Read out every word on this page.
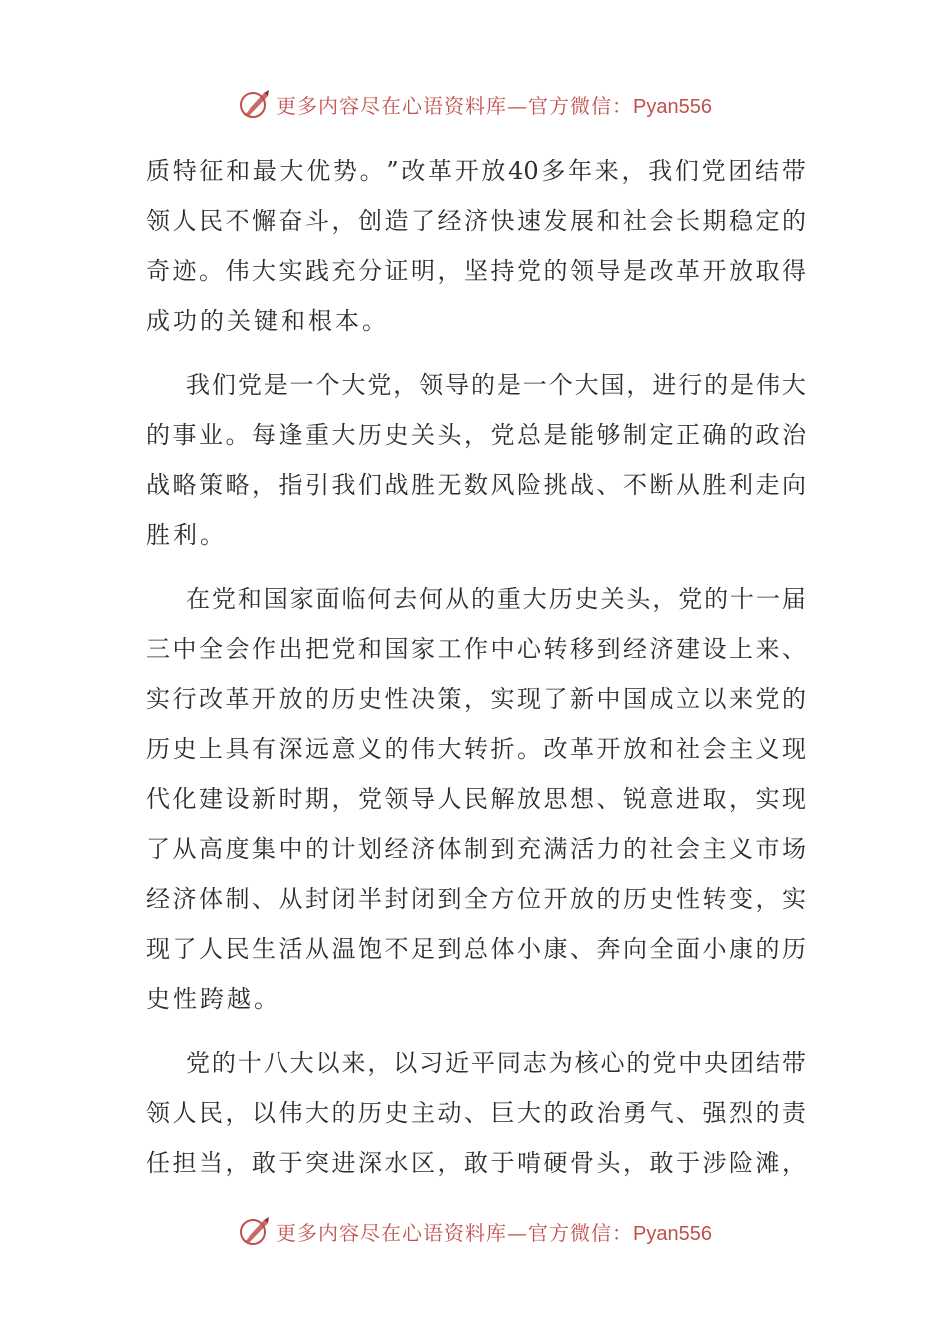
更多内容尽在心语资料库—官方微信：Pyan556
质 特 征 和 最 大 优 势 。 ” 改 革 开 放 40 多 年 来 ， 我 们 党 团 结 带
领 人 民 不 懈 奋 斗 ， 创 造 了 经 济 快 速 发 展 和 社 会 长 期 稳 定 的
奇 迹 。 伟 大 实 践 充 分 证 明 ， 坚 持 党 的 领 导 是 改 革 开 放 取 得
成功的关键和根本。
我 们 党 是 一 个 大 党 ， 领 导 的 是 一 个 大 国 ， 进 行 的 是 伟 大
的 事 业 。 每 逢 重 大 历 史 关 头 ， 党 总 是 能 够 制 定 正 确 的 政 治
战 略 策 略 ， 指 引 我 们 战 胜 无 数 风 险 挑 战 、 不 断 从 胜 利 走 向
胜利。
在 党 和 国 家 面 临 何 去 何 从 的 重 大 历 史 关 头 ， 党 的 十 一 届
三 中 全 会 作 出 把 党 和 国 家 工 作 中 心 转 移 到 经 济 建 设 上 来 、
实 行 改 革 开 放 的 历 史 性 决 策 ， 实 现 了 新 中 国 成 立 以 来 党 的
历 史 上 具 有 深 远 意 义 的 伟 大 转 折 。 改 革 开 放 和 社 会 主 义 现
代 化 建 设 新 时 期 ， 党 领 导 人 民 解 放 思 想 、 锐 意 进 取 ， 实 现
了 从 高 度 集 中 的 计 划 经 济 体 制 到 充 满 活 力 的 社 会 主 义 市 场
经 济 体 制 、 从 封 闭 半 封 闭 到 全 方 位 开 放 的 历 史 性 转 变 ， 实
现 了 人 民 生 活 从 温 饱 不 足 到 总 体 小 康 、 奔 向 全 面 小 康 的 历
史性跨越。
党 的 十 八 大 以 来 ， 以 习 近 平 同 志 为 核 心 的 党 中 央 团 结 带
领 人 民 ， 以 伟 大 的 历 史 主 动 、 巨 大 的 政 治 勇 气 、 强 烈 的 责
任 担 当 ， 敢 于 突 进 深 水 区 ， 敢 于 啃 硬 骨 头 ， 敢 于 涉 险 滩 ，
更多内容尽在心语资料库—官方微信：Pyan556
